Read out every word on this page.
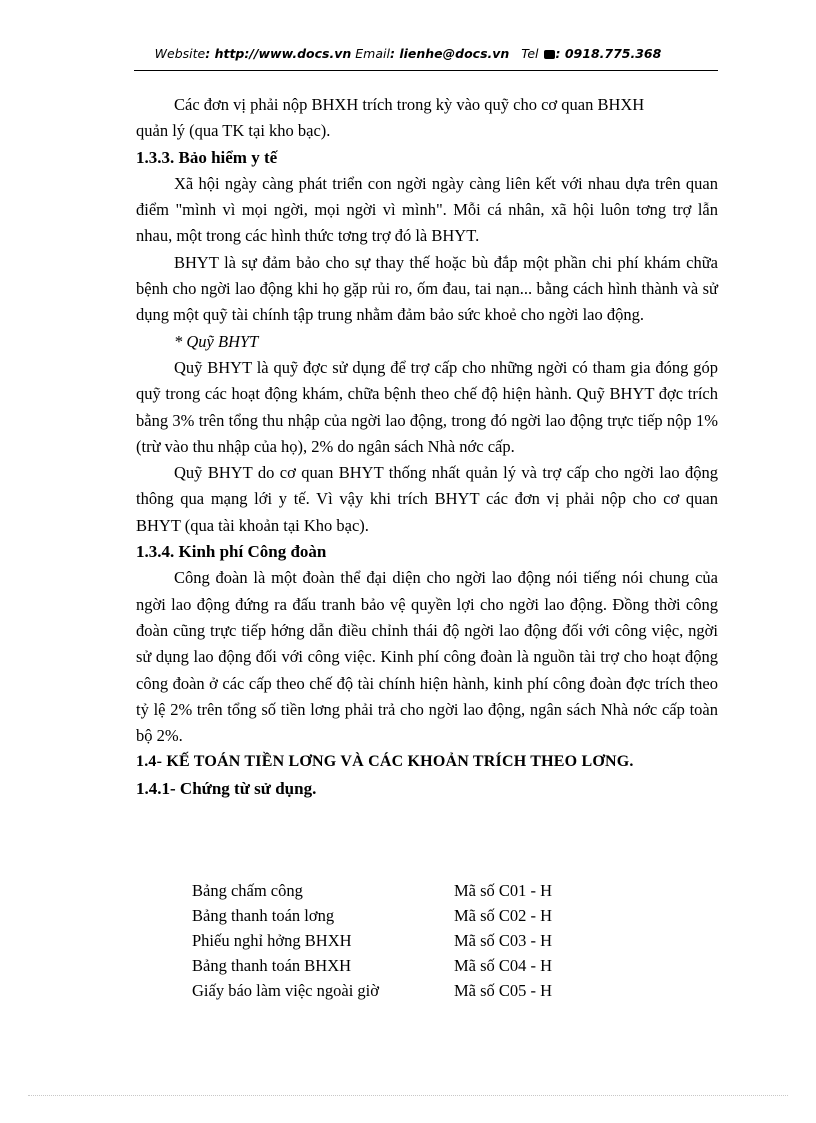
Website: http://www.docs.vn Email: lienhe@docs.vn Tel : 0918.775.368

Các đơn vị phải nộp BHXH trích trong kỳ vào quỹ cho cơ quan BHXH

quản lý (qua TK tại kho bạc).

1.3.3. Bảo hiểm y tế

Xã hội ngày càng phát triển con ngời ngày càng liên kết với nhau dựa trên quan điểm "mình vì mọi ngời, mọi ngời vì mình". Mỗi cá nhân, xã hội luôn tơng trợ lẫn nhau, một trong các hình thức tơng trợ đó là BHYT.

BHYT là sự đảm bảo cho sự thay thế hoặc bù đắp một phần chi phí khám chữa bệnh cho ngời lao động khi họ gặp rủi ro, ốm đau, tai nạn... bằng cách hình thành và sử dụng một quỹ tài chính tập trung nhằm đảm bảo sức khoẻ cho ngời lao động.

* Quỹ BHYT

Quỹ BHYT là quỹ đợc sử dụng để trợ cấp cho những ngời có tham gia đóng góp quỹ trong các hoạt động khám, chữa bệnh theo chế độ hiện hành. Quỹ BHYT đợc trích bằng 3% trên tổng thu nhập của ngời lao động, trong đó ngời lao động trực tiếp nộp 1% (trừ vào thu nhập của họ), 2% do ngân sách Nhà nớc cấp.

Quỹ BHYT do cơ quan BHYT thống nhất quản lý và trợ cấp cho ngời lao động thông qua mạng lới y tế. Vì vậy khi trích BHYT các đơn vị phải nộp cho cơ quan BHYT (qua tài khoản tại Kho bạc).

1.3.4. Kinh phí Công đoàn

Công đoàn là một đoàn thể đại diện cho ngời lao động nói tiếng nói chung của ngời lao động đứng ra đấu tranh bảo vệ quyền lợi cho ngời lao động. Đồng thời công đoàn cũng trực tiếp hớng dẫn điều chỉnh thái độ ngời lao động đối với công việc, ngời sử dụng lao động đối với công việc. Kinh phí công đoàn là nguồn tài trợ cho hoạt động công đoàn ở các cấp theo chế độ tài chính hiện hành, kinh phí công đoàn đợc trích theo tỷ lệ 2% trên tổng số tiền lơng phải trả cho ngời lao động, ngân sách Nhà nớc cấp toàn bộ 2%.

1.4- KẾ TOÁN TIỀN LƠNG VÀ CÁC KHOẢN TRÍCH THEO LƠNG.
1.4.1- Chứng từ sử dụng.
Bảng chấm công	Mã số C01 - H
Bảng thanh toán lơng	Mã số C02 - H
Phiếu nghỉ hởng BHXH	Mã số C03 - H
Bảng thanh toán BHXH	Mã số C04 - H
Giấy báo làm việc ngoài giờ	Mã số C05 - H
